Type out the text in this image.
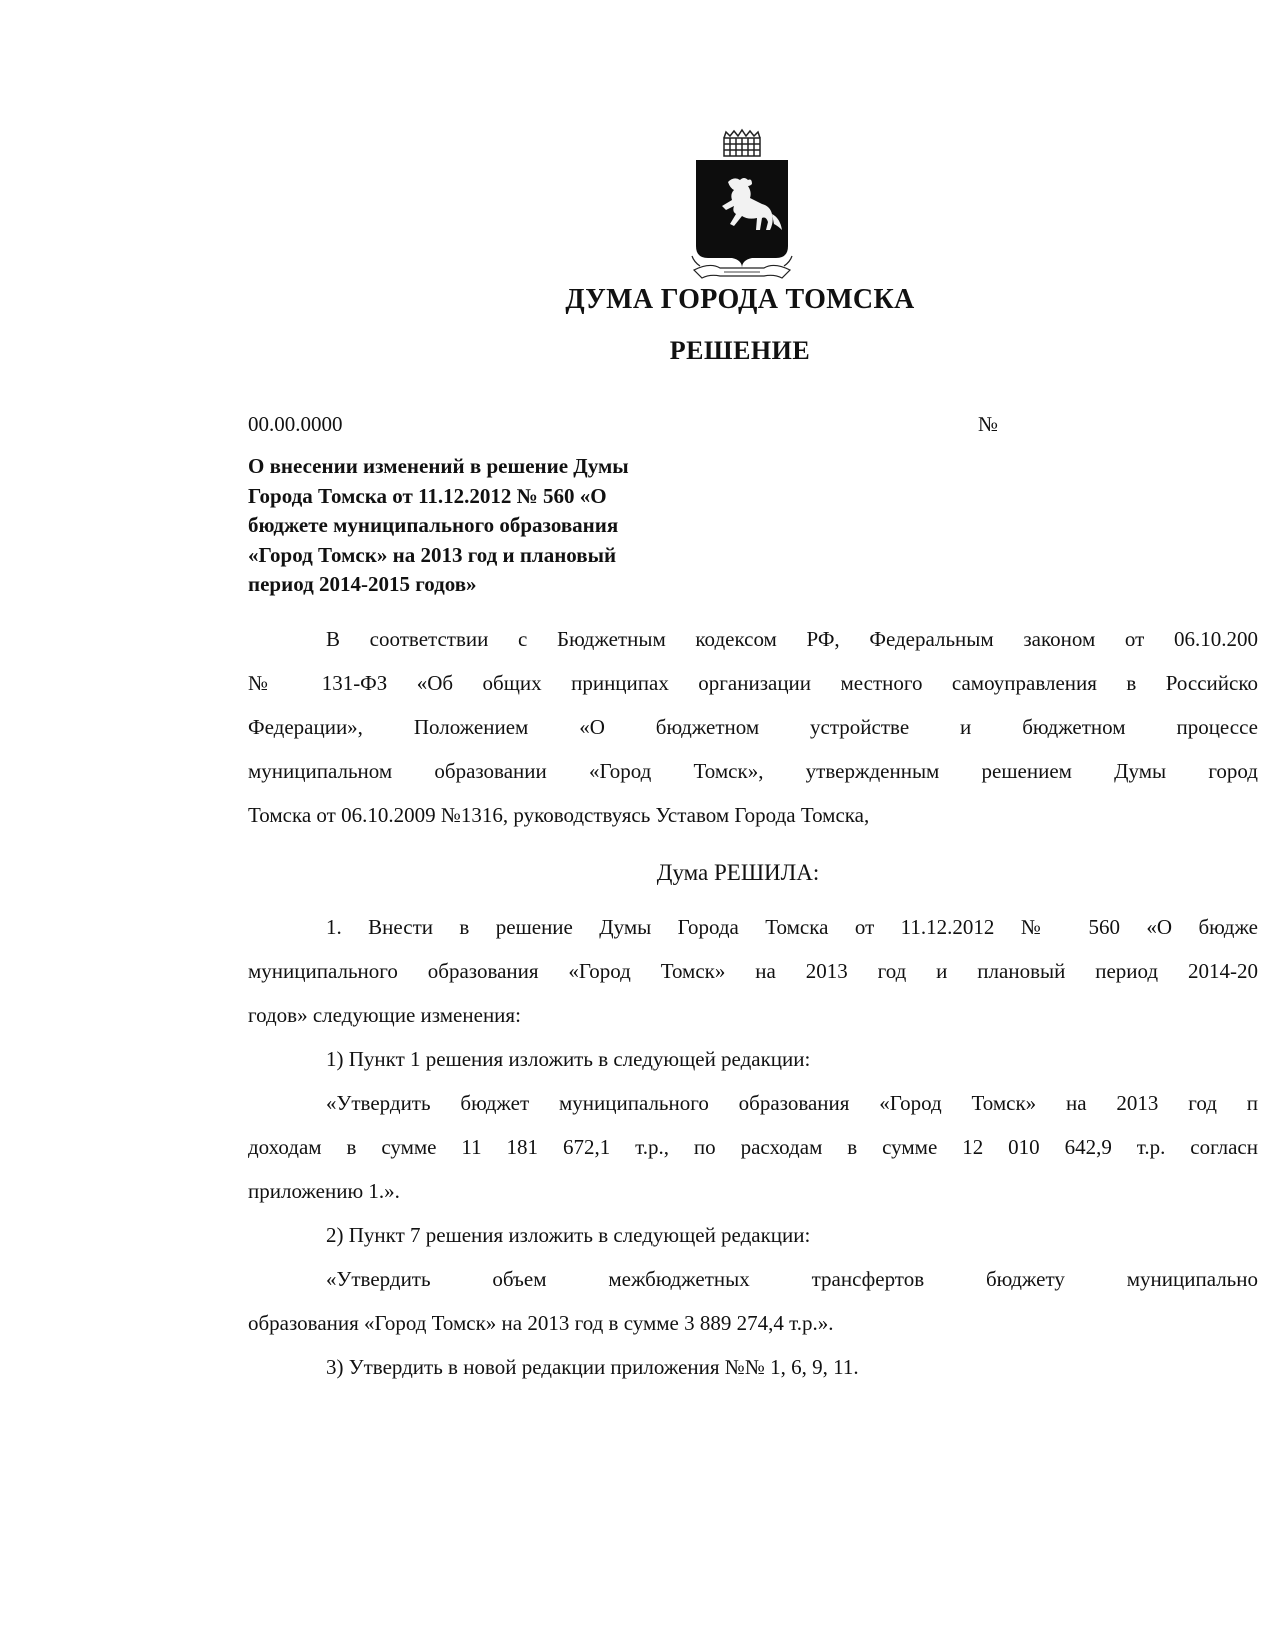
ДУМА ГОРОДА ТОМСКА
РЕШЕНИЕ
00.00.0000	№
О внесении изменений в решение Думы
Города Томска от 11.12.2012 № 560 «О
бюджете муниципального образования
«Город Томск» на 2013 год и плановый
период 2014-2015 годов»
В соответствии с Бюджетным кодексом РФ, Федеральным законом от 06.10.200
№ 131-ФЗ «Об общих принципах организации местного самоуправления в Российско
Федерации», Положением «О бюджетном устройстве и бюджетном процессе
муниципальном образовании «Город Томск», утвержденным решением Думы город
Томска от 06.10.2009 №1316, руководствуясь Уставом Города Томска,
Дума РЕШИЛА:
1. Внести в решение Думы Города Томска от 11.12.2012 № 560 «О бюдже
муниципального образования «Город Томск» на 2013 год и плановый период 2014-20
годов» следующие изменения:
1) Пункт 1 решения изложить в следующей редакции:
«Утвердить бюджет муниципального образования «Город Томск» на 2013 год п
доходам в сумме 11 181 672,1 т.р., по расходам в сумме 12 010 642,9 т.р. согласн
приложению 1.».
2) Пункт 7 решения изложить в следующей редакции:
«Утвердить объем межбюджетных трансфертов бюджету муниципально
образования «Город Томск» на 2013 год в сумме 3 889 274,4 т.р.».
3) Утвердить в новой редакции приложения №№ 1, 6, 9, 11.
